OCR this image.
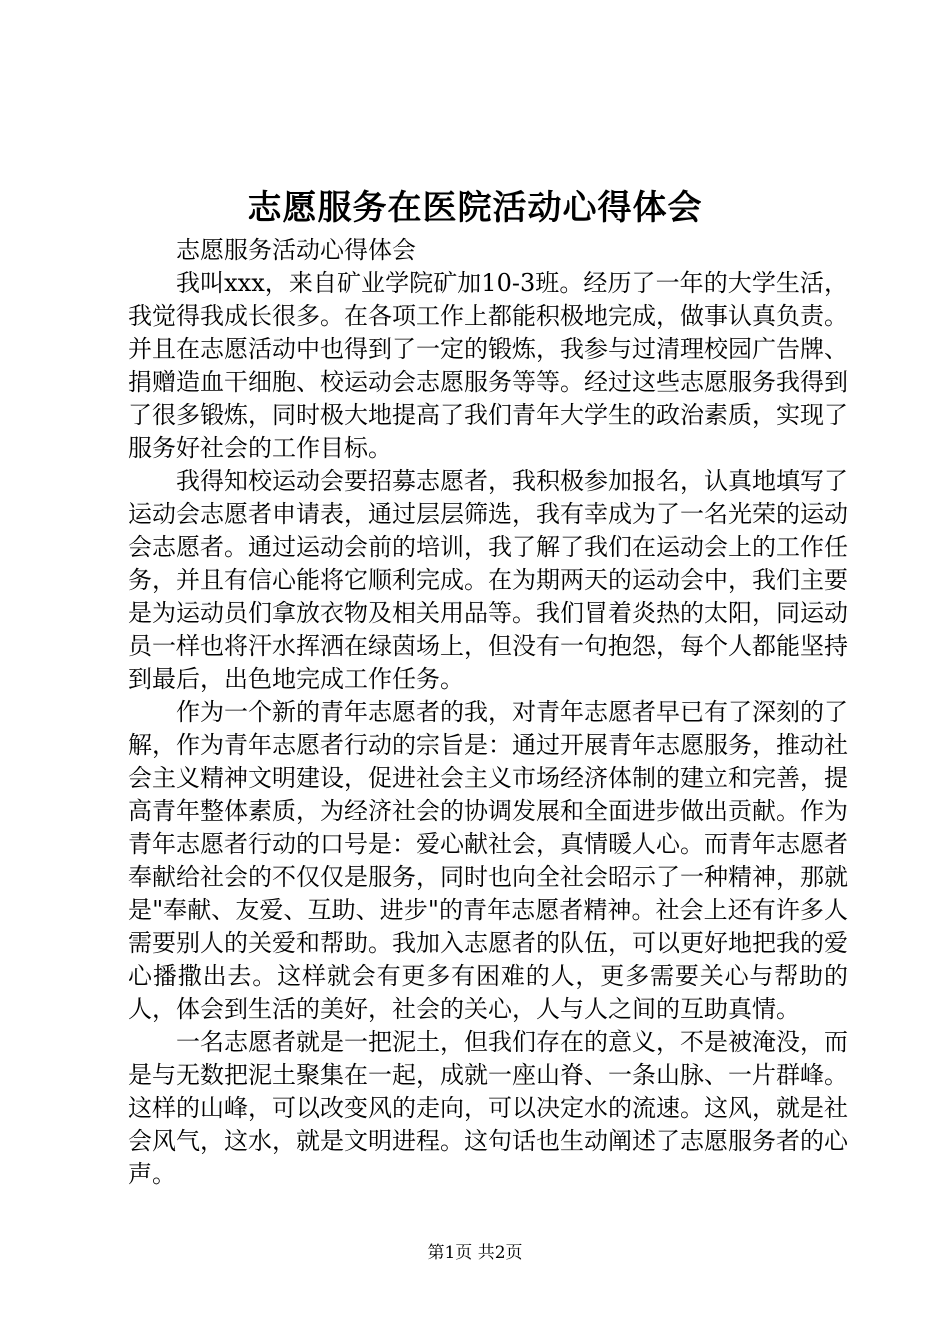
志愿服务在医院活动心得体会

志愿服务活动心得体会

我叫xxx，来自矿业学院矿加10-3班。经历了一年的大学生活，我觉得我成长很多。在各项工作上都能积极地完成，做事认真负责。并且在志愿活动中也得到了一定的锻炼，我参与过清理校园广告牌、捐赠造血干细胞、校运动会志愿服务等等。经过这些志愿服务我得到了很多锻炼，同时极大地提高了我们青年大学生的政治素质，实现了服务好社会的工作目标。

我得知校运动会要招募志愿者，我积极参加报名，认真地填写了运动会志愿者申请表，通过层层筛选，我有幸成为了一名光荣的运动会志愿者。通过运动会前的培训，我了解了我们在运动会上的工作任务，并且有信心能将它顺利完成。在为期两天的运动会中，我们主要是为运动员们拿放衣物及相关用品等。我们冒着炎热的太阳，同运动员一样也将汗水挥洒在绿茵场上，但没有一句抱怨，每个人都能坚持到最后，出色地完成工作任务。

作为一个新的青年志愿者的我，对青年志愿者早已有了深刻的了解，作为青年志愿者行动的宗旨是：通过开展青年志愿服务，推动社会主义精神文明建设，促进社会主义市场经济体制的建立和完善，提高青年整体素质，为经济社会的协调发展和全面进步做出贡献。作为青年志愿者行动的口号是：爱心献社会，真情暖人心。而青年志愿者奉献给社会的不仅仅是服务，同时也向全社会昭示了一种精神，那就是"奉献、友爱、互助、进步"的青年志愿者精神。社会上还有许多人需要别人的关爱和帮助。我加入志愿者的队伍，可以更好地把我的爱心播撒出去。这样就会有更多有困难的人，更多需要关心与帮助的人，体会到生活的美好，社会的关心，人与人之间的互助真情。

一名志愿者就是一把泥土，但我们存在的意义，不是被淹没，而是与无数把泥土聚集在一起，成就一座山脊、一条山脉、一片群峰。这样的山峰，可以改变风的走向，可以决定水的流速。这风，就是社会风气，这水，就是文明进程。这句话也生动阐述了志愿服务者的心声。

第1页 共2页
